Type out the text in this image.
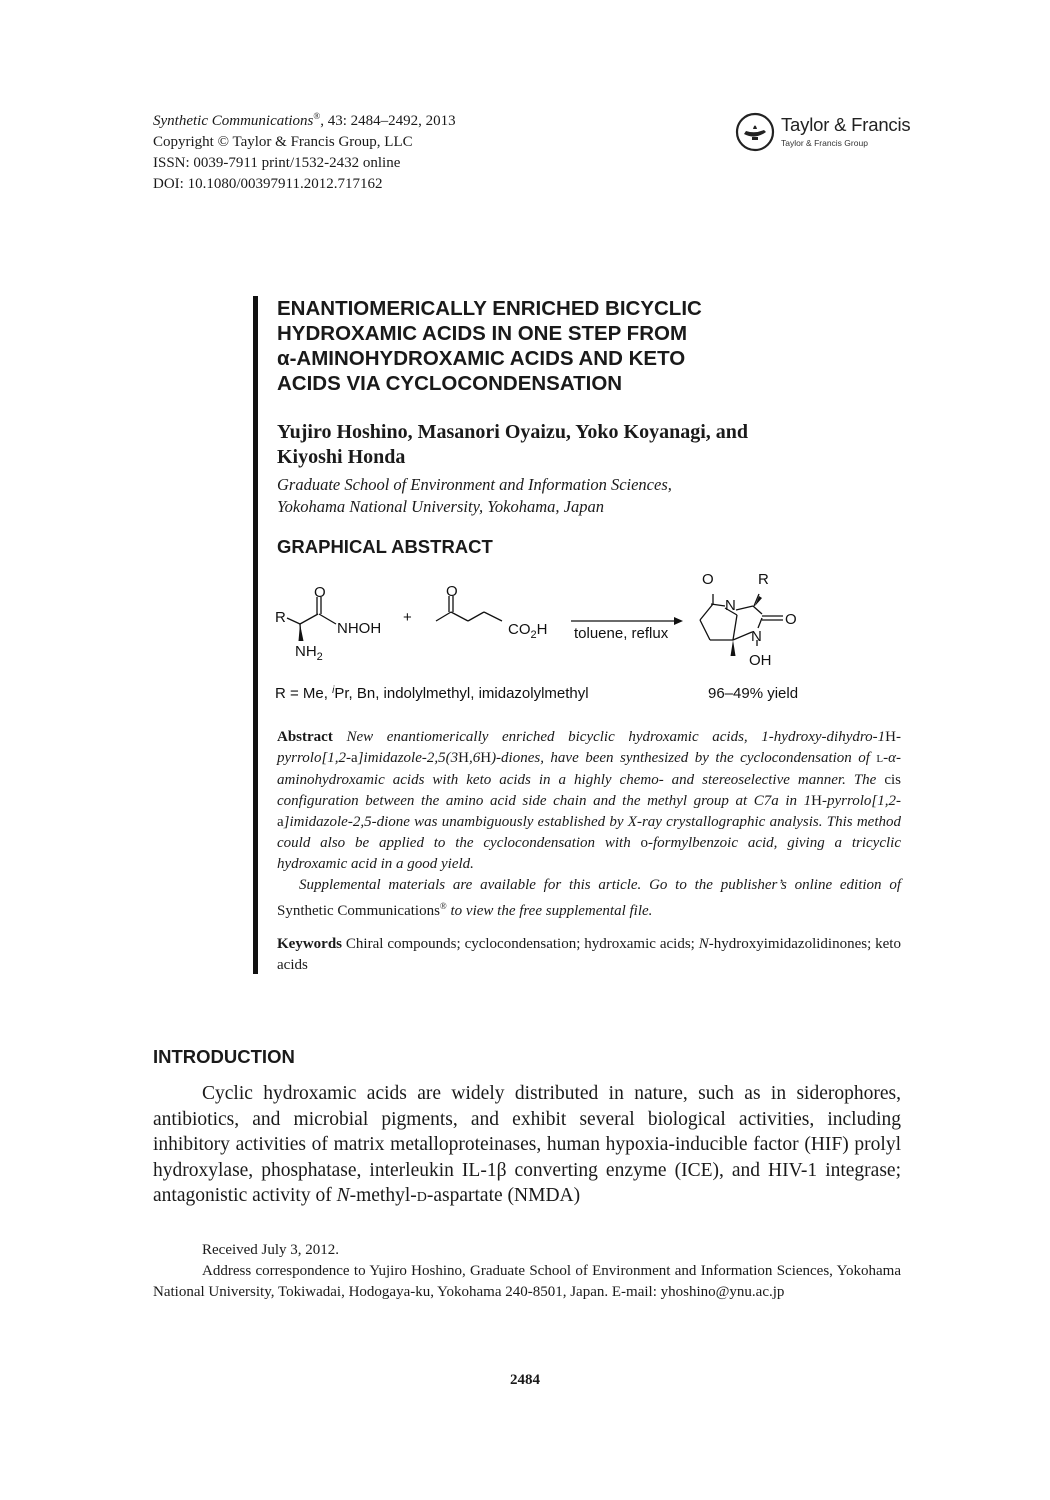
Synthetic Communications®, 43: 2484–2492, 2013
Copyright © Taylor & Francis Group, LLC
ISSN: 0039-7911 print/1532-2432 online
DOI: 10.1080/00397911.2012.717162
Taylor & Francis
Taylor & Francis Group
ENANTIOMERICALLY ENRICHED BICYCLIC
HYDROXAMIC ACIDS IN ONE STEP FROM
α-AMINOHYDROXAMIC ACIDS AND KETO
ACIDS VIA CYCLOCONDENSATION
Yujiro Hoshino, Masanori Oyaizu, Yoko Koyanagi, and
Kiyoshi Honda
Graduate School of Environment and Information Sciences,
Yokohama National University, Yokohama, Japan
GRAPHICAL ABSTRACT
R
O
NHOH
$NH_2$
+
O
$CO_2H$ toluene, reflux
O	R
N
O
N
OH
R = Me, $^i$Pr, Bn, indolylmethyl, imidazolylmethyl	96–49% yield

Abstract New enantiomerically enriched bicyclic hydroxamic acids, 1-hydroxy-dihydro-1H-pyrrolo[1,2-a]imidazole-2,5(3H,6H)-diones, have been synthesized by the cyclocondensation of L-α-aminohydroxamic acids with keto acids in a highly chemo- and stereoselective manner. The cis configuration between the amino acid side chain and the methyl group at C7a in 1H-pyrrolo[1,2-a]imidazole-2,5-dione was unambiguously established by X-ray crystallographic analysis. This method could also be applied to the cyclocondensation with o-formylbenzoic acid, giving a tricyclic hydroxamic acid in a good yield.

Supplemental materials are available for this article. Go to the publisher’s online edition of Synthetic Communications® to view the free supplemental file.

Keywords Chiral compounds; cyclocondensation; hydroxamic acids; N-hydroxyimidazolidinones; keto acids
INTRODUCTION

Cyclic hydroxamic acids are widely distributed in nature, such as in siderophores, antibiotics, and microbial pigments, and exhibit several biological activities, including inhibitory activities of matrix metalloproteinases, human hypoxia-inducible factor (HIF) prolyl hydroxylase, phosphatase, interleukin IL-1β converting enzyme (ICE), and HIV-1 integrase; antagonistic activity of N-methyl-D-aspartate (NMDA)

Received July 3, 2012.

Address correspondence to Yujiro Hoshino, Graduate School of Environment and Information Sciences, Yokohama National University, Tokiwadai, Hodogaya-ku, Yokohama 240-8501, Japan. E-mail: yhoshino@ynu.ac.jp

2484
